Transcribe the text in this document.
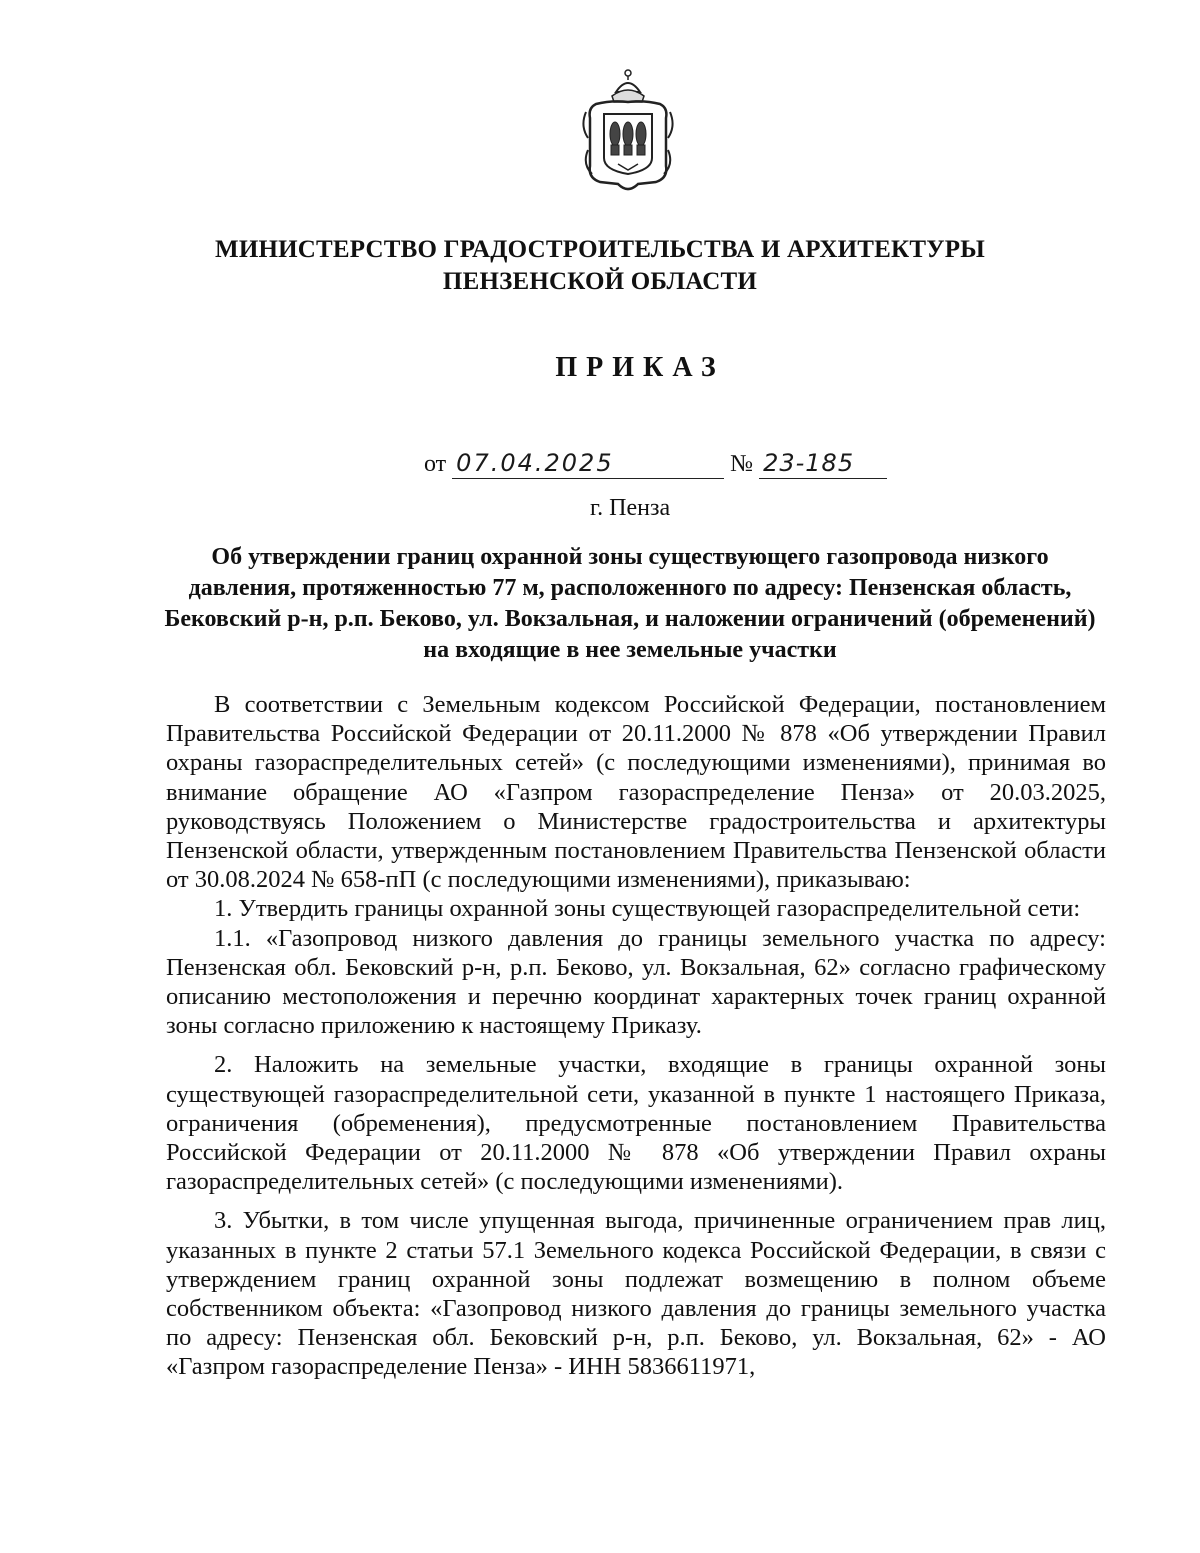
МИНИСТЕРСТВО ГРАДОСТРОИТЕЛЬСТВА И АРХИТЕКТУРЫ
ПЕНЗЕНСКОЙ ОБЛАСТИ
ПРИКАЗ
от 07.04.2025	№ 23-185
г. Пенза
Об утверждении границ охранной зоны существующего газопровода низкого давления, протяженностью 77 м, расположенного по адресу: Пензенская область, Бековский р-н, р.п. Беково, ул. Вокзальная, и наложении ограничений (обременений) на входящие в нее земельные участки

В соответствии с Земельным кодексом Российской Федерации, постановлением Правительства Российской Федерации от 20.11.2000 № 878 «Об утверждении Правил охраны газораспределительных сетей» (с последующими изменениями), принимая во внимание обращение АО «Газпром газораспределение Пенза» от 20.03.2025, руководствуясь Положением о Министерстве градостроительства и архитектуры Пензенской области, утвержденным постановлением Правительства Пензенской области от 30.08.2024 № 658-пП (с последующими изменениями), приказываю:

1. Утвердить границы охранной зоны существующей газораспределительной сети:

1.1. «Газопровод низкого давления до границы земельного участка по адресу: Пензенская обл. Бековский р-н, р.п. Беково, ул. Вокзальная, 62» согласно графическому описанию местоположения и перечню координат характерных точек границ охранной зоны согласно приложению к настоящему Приказу.

2. Наложить на земельные участки, входящие в границы охранной зоны существующей газораспределительной сети, указанной в пункте 1 настоящего Приказа, ограничения (обременения), предусмотренные постановлением Правительства Российской Федерации от 20.11.2000 № 878 «Об утверждении Правил охраны газораспределительных сетей» (с последующими изменениями).

3. Убытки, в том числе упущенная выгода, причиненные ограничением прав лиц, указанных в пункте 2 статьи 57.1 Земельного кодекса Российской Федерации, в связи с утверждением границ охранной зоны подлежат возмещению в полном объеме собственником объекта: «Газопровод низкого давления до границы земельного участка по адресу: Пензенская обл. Бековский р-н, р.п. Беково, ул. Вокзальная, 62» - АО «Газпром газораспределение Пенза» - ИНН 5836611971,
